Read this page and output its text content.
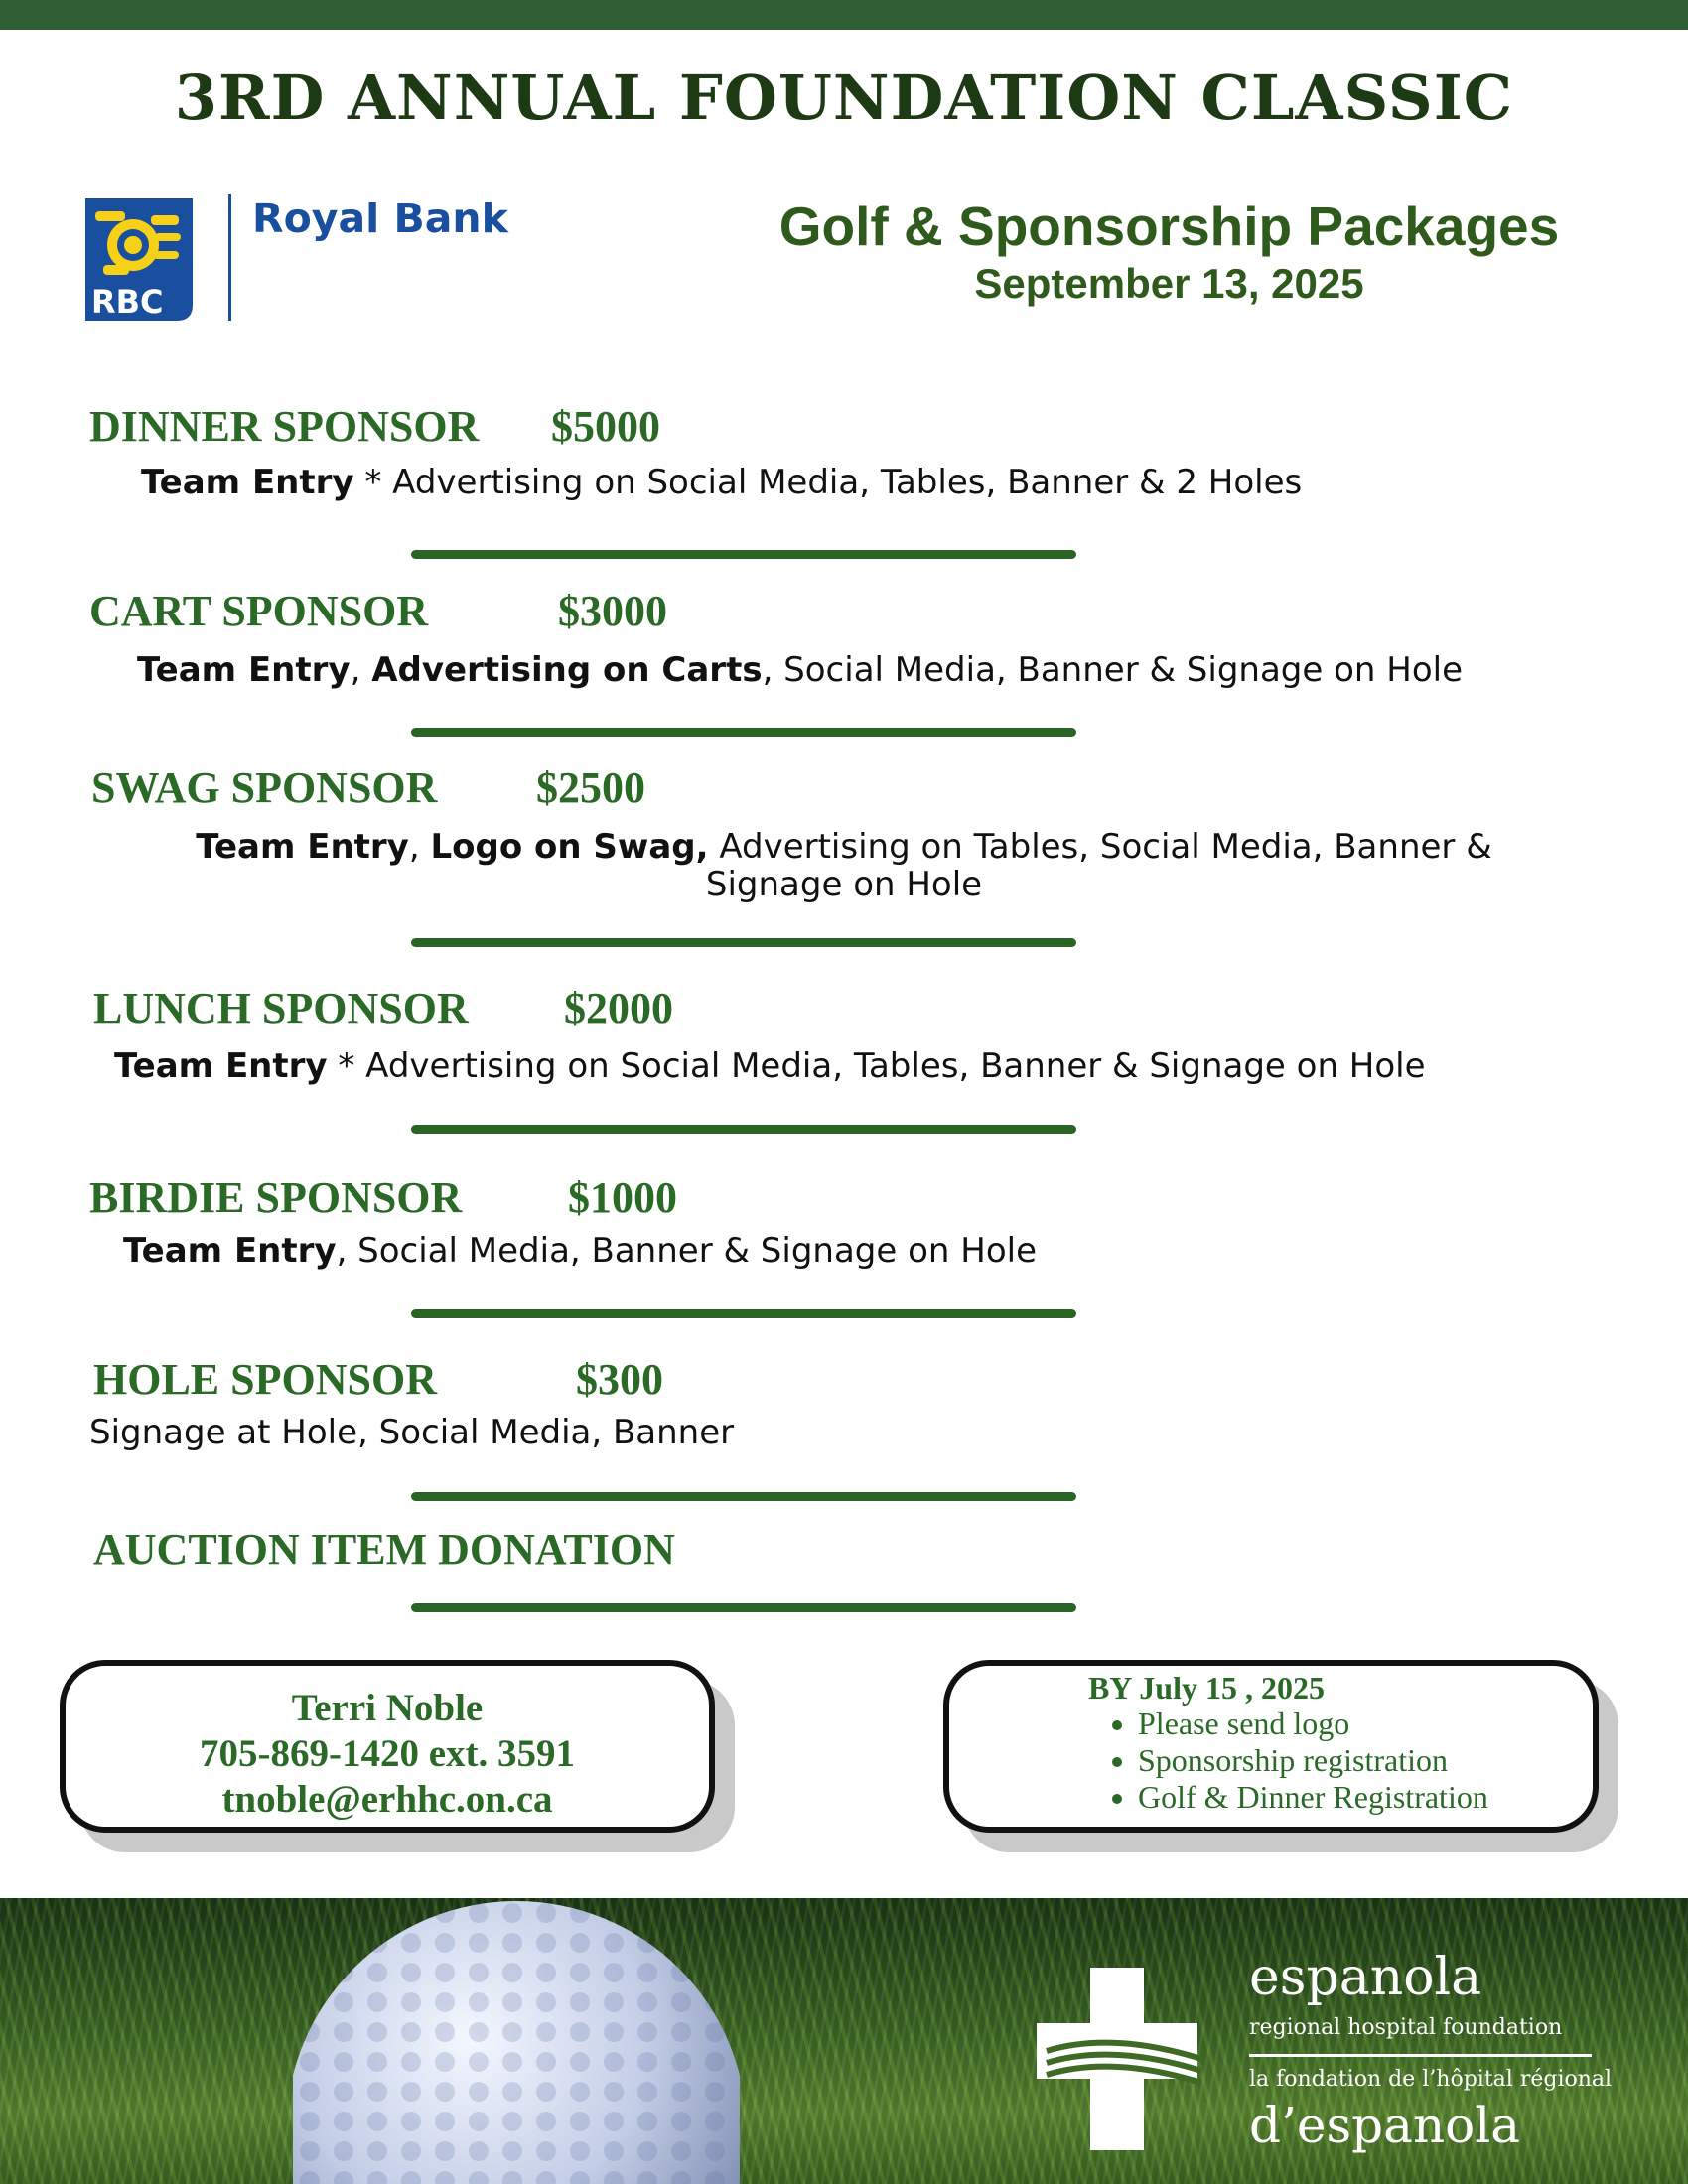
3RD ANNUAL FOUNDATION CLASSIC
RBC
Royal Bank	Golf & Sponsorship Packages
September 13, 2025
DINNER SPONSOR $5000
Team Entry * Advertising on Social Media, Tables, Banner & 2 Holes
CART SPONSOR	$3000
Team Entry, Advertising on Carts, Social Media, Banner & Signage on Hole
SWAG SPONSOR $2500
Team Entry, Logo on Swag, Advertising on Tables, Social Media, Banner & Signage on Hole
LUNCH SPONSOR $2000
Team Entry * Advertising on Social Media, Tables, Banner & Signage on Hole
BIRDIE SPONSOR $1000
Team Entry, Social Media, Banner & Signage on Hole
HOLE SPONSOR	$300
Signage at Hole, Social Media, Banner
AUCTION ITEM DONATION
Terri Noble
705-869-1420 ext. 3591
tnoble@erhhc.on.ca
BY July 15 , 2025
• Please send logo
• Sponsorship registration
• Golf & Dinner Registration
espanola
regional hospital foundation
la fondation de l’hôpital régional
d’espanola
